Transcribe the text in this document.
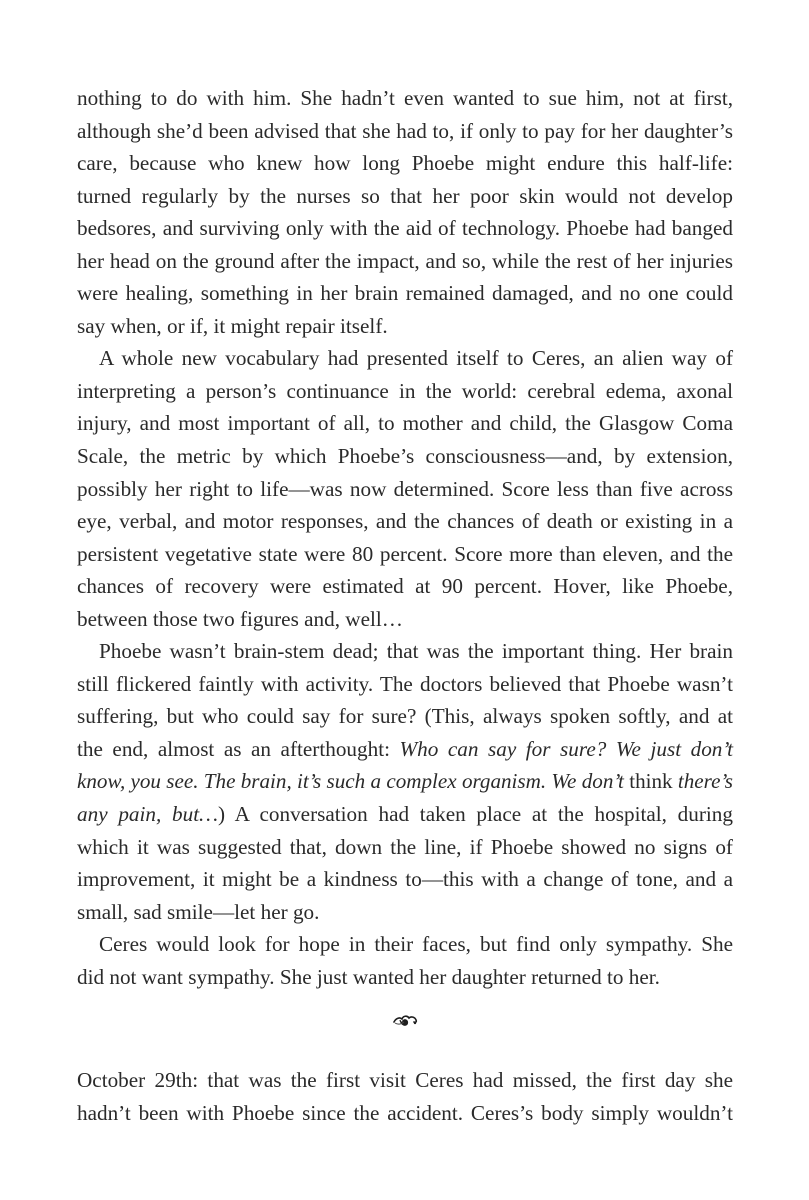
nothing to do with him. She hadn’t even wanted to sue him, not at first,
although she’d been advised that she had to, if only to pay for her daughter’s
care, because who knew how long Phoebe might endure this half-life:
turned regularly by the nurses so that her poor skin would not develop
bedsores, and surviving only with the aid of technology. Phoebe had banged
her head on the ground after the impact, and so, while the rest of her injuries
were healing, something in her brain remained damaged, and no one could
say when, or if, it might repair itself.
A whole new vocabulary had presented itself to Ceres, an alien way of
interpreting a person’s continuance in the world: cerebral edema, axonal
injury, and most important of all, to mother and child, the Glasgow Coma
Scale, the metric by which Phoebe’s consciousness—and, by extension,
possibly her right to life—was now determined. Score less than five across
eye, verbal, and motor responses, and the chances of death or existing in a
persistent vegetative state were 80 percent. Score more than eleven, and the
chances of recovery were estimated at 90 percent. Hover, like Phoebe,
between those two figures and, well…
Phoebe wasn’t brain-stem dead; that was the important thing. Her brain
still flickered faintly with activity. The doctors believed that Phoebe wasn’t
suffering, but who could say for sure? (This, always spoken softly, and at
the end, almost as an afterthought: Who can say for sure? We just don’t
know, you see. The brain, it’s such a complex organism. We don’t think there’s
any pain, but…) A conversation had taken place at the hospital, during
which it was suggested that, down the line, if Phoebe showed no signs of
improvement, it might be a kindness to—this with a change of tone, and a
small, sad smile—let her go.
Ceres would look for hope in their faces, but find only sympathy. She
did not want sympathy. She just wanted her daughter returned to her.
October 29th: that was the first visit Ceres had missed, the first day she
hadn’t been with Phoebe since the accident. Ceres’s body simply wouldn’t
